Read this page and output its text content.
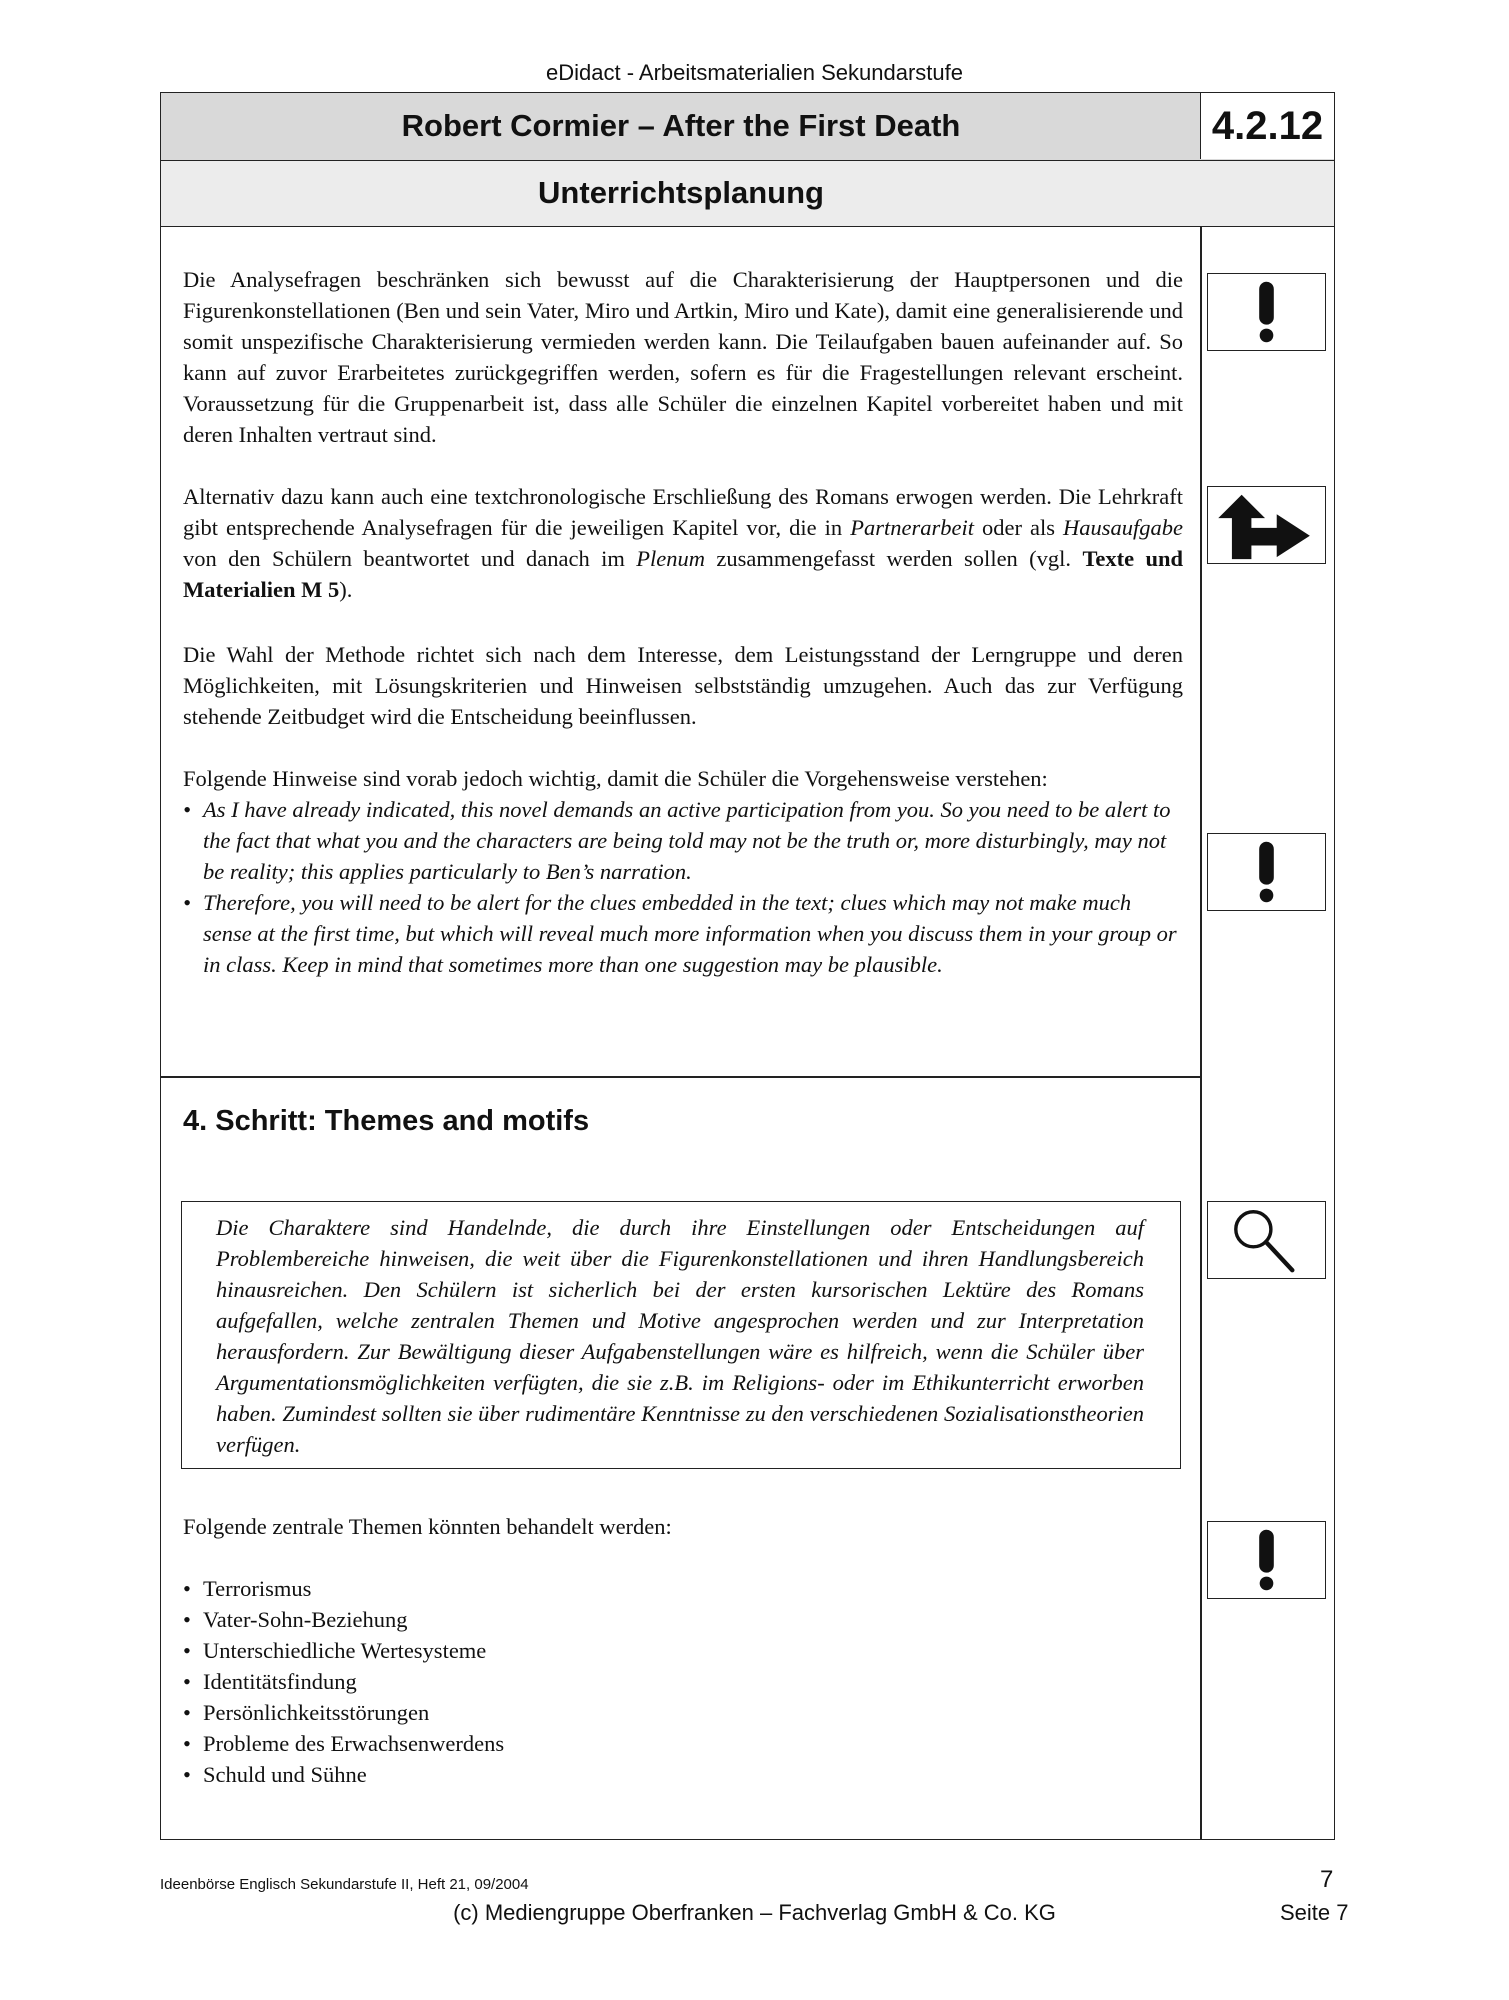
eDidact - Arbeitsmaterialien Sekundarstufe
Robert Cormier – After the First Death	4.2.12
Unterrichtsplanung
Die Analysefragen beschränken sich bewusst auf die Charakterisierung der Hauptpersonen und die Figurenkonstellationen (Ben und sein Vater, Miro und Artkin, Miro und Kate), damit eine generalisierende und somit unspezifische Charakterisierung vermieden werden kann. Die Teilaufgaben bauen aufeinander auf. So kann auf zuvor Erarbeitetes zurückgegriffen werden, sofern es für die Fragestellungen relevant erscheint. Voraussetzung für die Gruppenarbeit ist, dass alle Schüler die einzelnen Kapitel vorbereitet haben und mit deren Inhalten vertraut sind.
Alternativ dazu kann auch eine textchronologische Erschließung des Romans erwogen werden. Die Lehrkraft gibt entsprechende Analysefragen für die jeweiligen Kapitel vor, die in Partnerarbeit oder als Hausaufgabe von den Schülern beantwortet und danach im Plenum zusammengefasst werden sollen (vgl. Texte und Materialien M 5).
Die Wahl der Methode richtet sich nach dem Interesse, dem Leistungsstand der Lerngruppe und deren Möglichkeiten, mit Lösungskriterien und Hinweisen selbstständig umzugehen. Auch das zur Verfügung stehende Zeitbudget wird die Entscheidung beeinflussen.

Folgende Hinweise sind vorab jedoch wichtig, damit die Schüler die Vorgehensweise verstehen:

• As I have already indicated, this novel demands an active participation from you. So you need to be alert to the fact that what you and the characters are being told may not be the truth or, more disturbingly, may not be reality; this applies particularly to Ben’s narration.
• Therefore, you will need to be alert for the clues embedded in the text; clues which may not make much sense at the first time, but which will reveal much more information when you discuss them in your group or in class. Keep in mind that sometimes more than one suggestion may be plausible.
4. Schritt: Themes and motifs
Die Charaktere sind Handelnde, die durch ihre Einstellungen oder Entscheidungen auf Problembereiche hinweisen, die weit über die Figurenkonstellationen und ihren Handlungsbereich hinausreichen. Den Schülern ist sicherlich bei der ersten kursorischen Lektüre des Romans aufgefallen, welche zentralen Themen und Motive angesprochen werden und zur Interpretation herausfordern. Zur Bewältigung dieser Aufgabenstellungen wäre es hilfreich, wenn die Schüler über Argumentationsmöglichkeiten verfügten, die sie z.B. im Religions- oder im Ethikunterricht erworben haben. Zumindest sollten sie über rudimentäre Kenntnisse zu den verschiedenen Sozialisationstheorien verfügen.
Folgende zentrale Themen könnten behandelt werden:
• Terrorismus
• Vater-Sohn-Beziehung
• Unterschiedliche Wertesysteme
• Identitätsfindung
• Persönlichkeitsstörungen
• Probleme des Erwachsenwerdens
• Schuld und Sühne
Ideenbörse Englisch Sekundarstufe II, Heft 21, 09/2004	7
(c) Mediengruppe Oberfranken – Fachverlag GmbH & Co. KG	Seite 7
